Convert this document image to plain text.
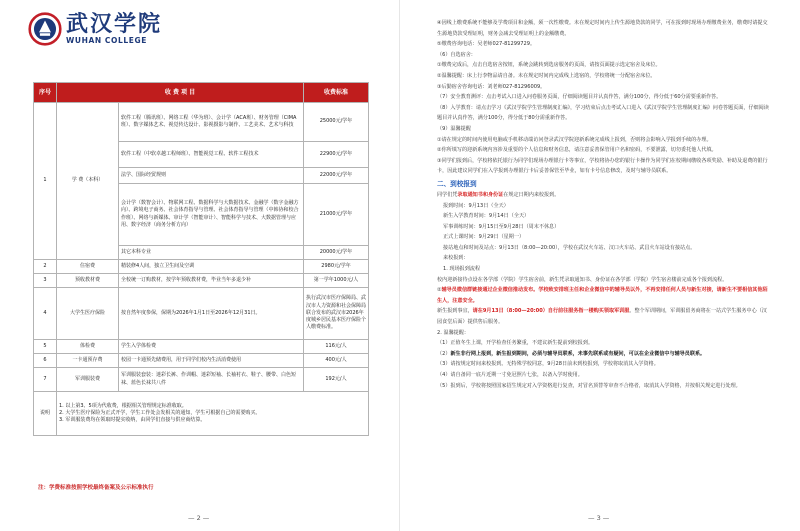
武汉学院
WUHAN COLLEGE
序号	收 费 项 目		收费标准
1	学 费（本科）	软件工程（腾讯班）、网络工程（华为班）、会计学（ACA班）、财务管理（CIMA班）、数字媒体艺术、视觉传达设计、影视摄影与制作、工艺美术、艺术与科技	25000元/学年
		软件工程（中软卓越工程师班）、智能视觉工程、软件工程技术	22900元/学年
		法学、国际经贸规则	22000元/学年
		会计学（数智会计）、物联网工程、数据科学与大数据技术、金融学（数字金融方向）、跨境电子商务、社会体育指导与管理、社会体育指导与管理（中韩协和校合作班）、网络与新媒体、审计学（智能审计）、智能科学与技术、大数据管理与应用、数字经济（商务分析方向）	21000元/学年
		其它本科专业	20000元/学年
2	住宿费	精装修4人间，独立卫生间及空调	2980元/学年
3	预收教材费	全校统一订购教材，按学年预收教材费，毕业当年多退少补	第一学年1000元/人
4	大学生医疗保险	按自然年度参保，保期为2026年1月1日至2026年12月31日。	执行武汉市医疗保障局、武汉市人力资源和社会保障局联合发布的武汉市2026年度城乡居民基本医疗保险个人缴费标准。
5	体检费	学生入学体检费	116元/人
6	一卡通预存费	校园一卡通预先储费用，用于同学们校内生活消费使用	400元/人
7	军训服装费	军训服装套装：迷彩长裤、作训帽、迷彩短袖、长袖衬衣、鞋子、腰带、白色短袜、蓝色长袜共八件	192元/人
说明	1. 以上第3、5项为代收费，根据相关管理规定标准收取。
2. 大学生医疗保险为正式开学，学生工作处会发相关的通知，学生可根据自己的需要购买。
3. 军训服装费均在领取时提实收纳，由同学们直接与供应商结算。		
注：学费标准按照学校最终备案及公示标准执行
— 2 —
④因线上缴费系统不能够及学费项目和金额，须一次性缴费。未在规定时间内上传生源地贷款的同学，可在报到时现场办理缴费业务，缴费时请提交生源地贷款受理证明，财务会减去受理证明上的金额缴费。
⑤缴费咨询电话：吴老师027-81299729。
（6）自选宿舍：
①缴费完成后，点击自选宿舍按钮，系统会跳转到选房服务的页面，请按页面提示选定宿舍及床位。
②温馨提醒：床上行李物品请自备。未在规定时间内完成线上选宿的，学校将统一分配宿舍床位。
③后勤宿舍咨询电话：刘老师027-81296009。
（7）安全教育测评：点击考试入口进入问卷服务页面，仔细阅读题目并认真作答，满分100分，得分低于60分需要重新作答。
（8）入学教育：请点击学习《武汉学院学生管理制度汇编》，学习结束后点击考试入口进入《武汉学院学生管理制度汇编》问卷答题页面，仔细阅读题目并认真作答，满分100分，得分低于80分需重新作答。
（9）温馨提醒
①请在规定的时间内使用电脑或手机移动端访问登录武汉学院迎新系统完成线上报到，否则将会影响入学报到手续的办理。
②你所填写的迎新系统内容涉及重要的个人信息和财务信息，请注意妥善保管用户名和密码，不要泄露，切勿委托他人代填。
③同学们报到后，学校将依托银行为同学们现场办理银行卡等事宜，学校将协办您的银行卡操作为同学们在校期间缴收各项奖励、补助及退费的银行卡，因此建议同学们在入学报到办理银行卡后妥善保管至毕业，如有卡号信息修改，及时与辅导员联系。
二、到校报到
同学们凭录取通知书和身份证在规定日期内来校报到。
报到时间：9月13日（全天）
新生入学教育时间：9月14日（全天）
军事训练时间：9月15日至9月28日（周末不休息）
正式上课时间：9月29日（星期一）
接站地点和时间及站点：9月13日（8:00—20:00），学校在武汉火车站、汉口火车站、武昌火车站设有接站点。
来校报到：
1. 现场报到流程
校内迎新接待点设在各学部（学院）学生宿舍前，新生凭录取通知书、身份证在各学部（学院）学生宿舍楼前完成各个报到流程。
②辅导员微信群链接通过企业微信推动发布。学校致安排班主任和企业微信中的辅导员以外，不再安排任何人员与新生对接，请新生不要相信其他陌生人，注意安全。
新生报到事宜，请在9月13日（8:00—20:00）自行前往服务指一楼购买领取军训服。整个军训期间，军训服留务商将在一站式学生服务中心（汉园食堂后面）提供售后服务。
2. 温馨提醒：
（1）正值冬生上课，开学检查任务繁重，不建议新生提前到校报到。
（2）新生非行网上报到，新生报到期间，必须与辅导员联系，未事先联系或有疑问，可以在企业微信中与辅导员联系。
（3）请按规定时间来校报到。无特殊学校同意，9月28日前未到校报到，学校将取消其入学资格。
（4）请自备同一底片近期一寸免冠照片七张，以备入学时使用。
（5）报到后，学校将按照国家招生规定对入学资格进行复查，对冒名顶替等审查不合格者，取消其入学资格，并按相关规定进行处理。
— 3 —
